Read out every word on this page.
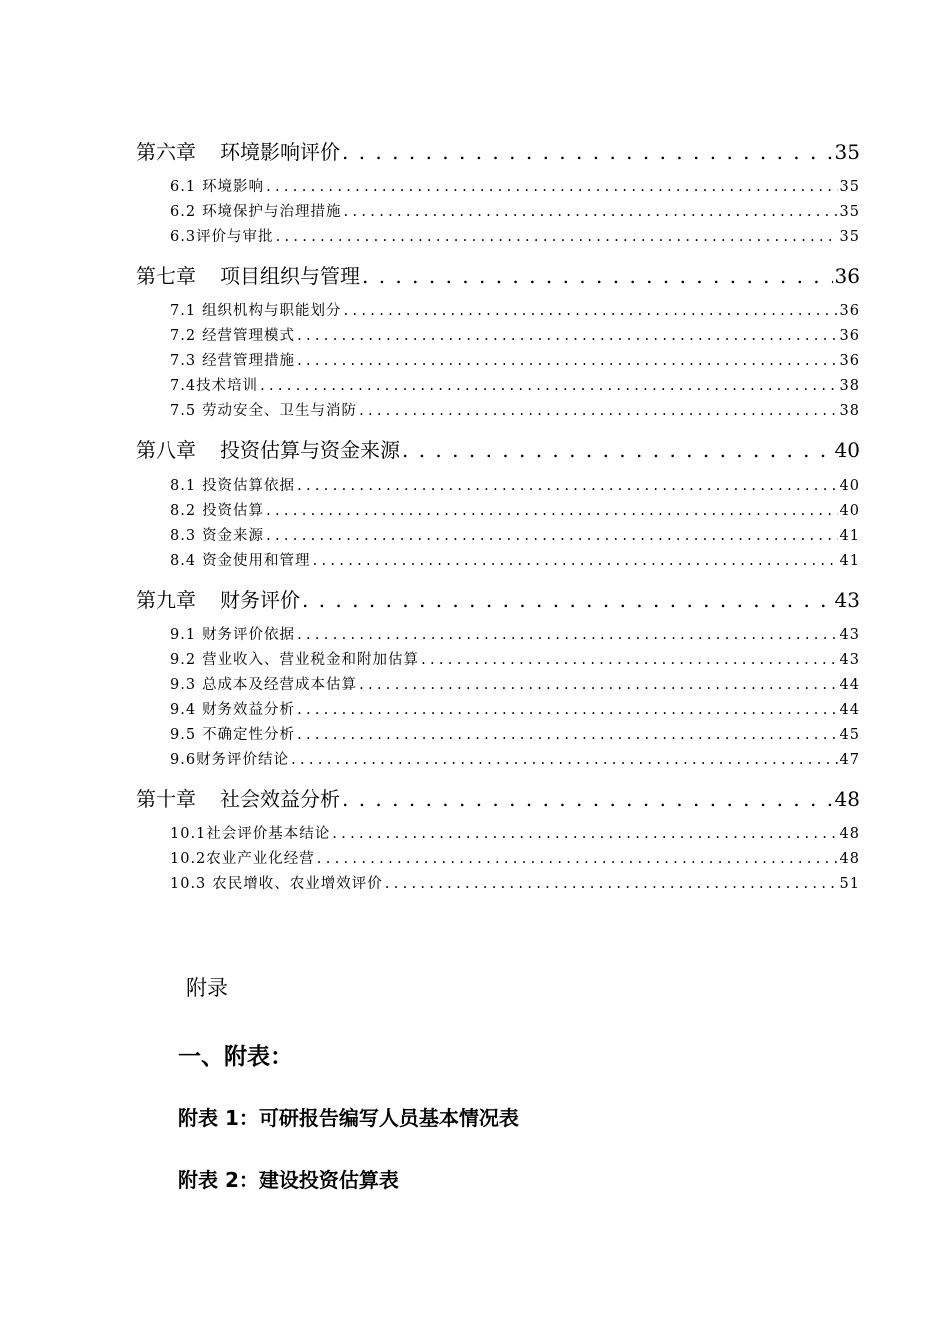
第六章 环境影响评价 . . .	35
6.1 环境影响 .....	35
6.2 环境保护与治理措施 .....	35
6.3 评价与审批 .....	35
第七章 项目组织与管理 . . .	36
7.1 组织机构与职能划分 .....	36
7.2 经营管理模式 .....	36
7.3 经营管理措施 .....	36
7.4 技术培训 .....	38
7.5 劳动安全、卫生与消防 .....	38
第八章 投资估算与资金来源 . . .	40
8.1 投资估算依据 .....	40
8.2 投资估算 .....	40
8.3 资金来源 .....	41
8.4 资金使用和管理 .....	41
第九章 财务评价 . . .	43
9.1 财务评价依据 .....	43
9.2 营业收入、营业税金和附加估算 .....	43
9.3 总成本及经营成本估算 .....	44
9.4 财务效益分析 .....	44
9.5 不确定性分析 .....	45
9.6 财务评价结论 .....	47
第十章 社会效益分析 . . .	48
10.1 社会评价基本结论 .....	48
10.2 农业产业化经营 .....	48
10.3 农民增收、农业增效评价 .....	51
附录
一、附表：
附表 1：可研报告编写人员基本情况表
附表 2：建设投资估算表
